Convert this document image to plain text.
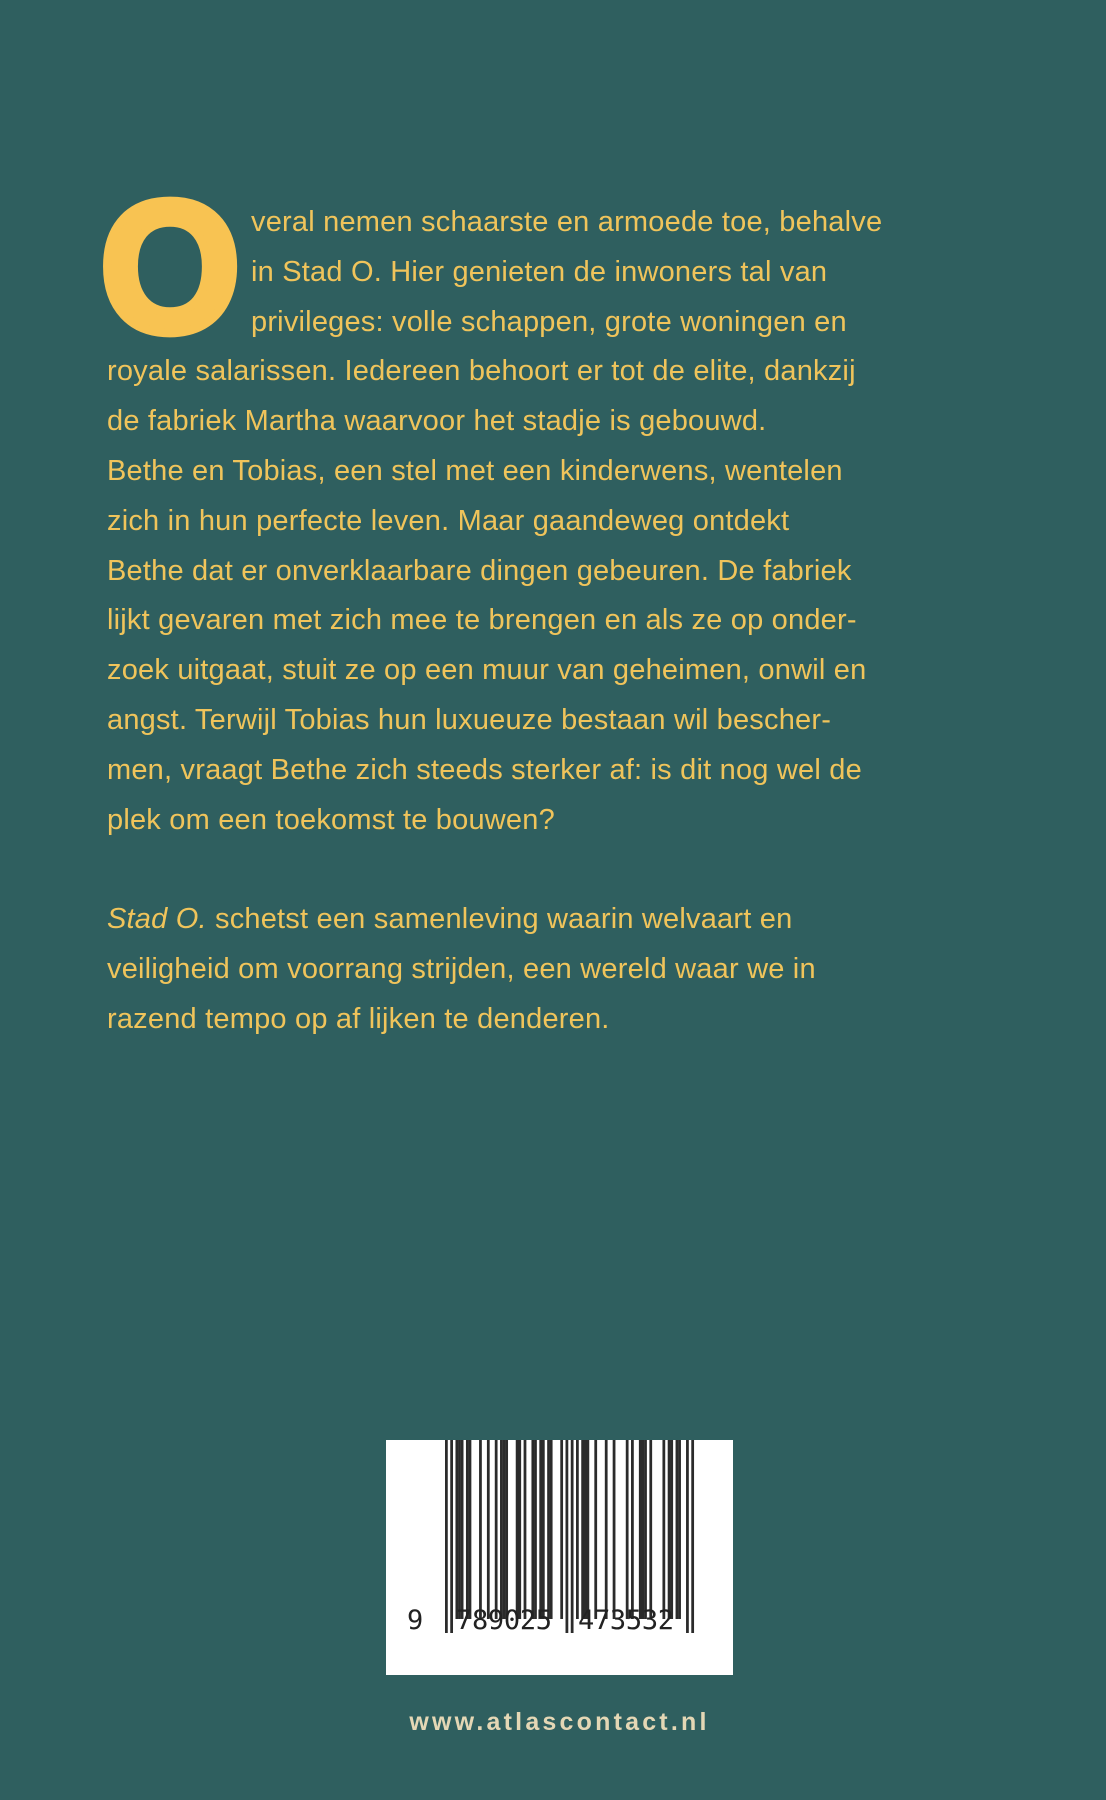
O veral nemen schaarste en armoede toe, behalve
in Stad O. Hier genieten de inwoners tal van
privileges: volle schappen, grote woningen en
royale salarissen. Iedereen behoort er tot de elite, dankzij
de fabriek Martha waarvoor het stadje is gebouwd.
Bethe en Tobias, een stel met een kinderwens, wentelen
zich in hun perfecte leven. Maar gaandeweg ontdekt
Bethe dat er onverklaarbare dingen gebeuren. De fabriek
lijkt gevaren met zich mee te brengen en als ze op onder-
zoek uitgaat, stuit ze op een muur van geheimen, onwil en
angst. Terwijl Tobias hun luxueuze bestaan wil bescher-
men, vraagt Bethe zich steeds sterker af: is dit nog wel de
plek om een toekomst te bouwen?
Stad O. schetst een samenleving waarin welvaart en
veiligheid om voorrang strijden, een wereld waar we in
razend tempo op af lijken te denderen.
9 789025 473532
www.atlascontact.nl
